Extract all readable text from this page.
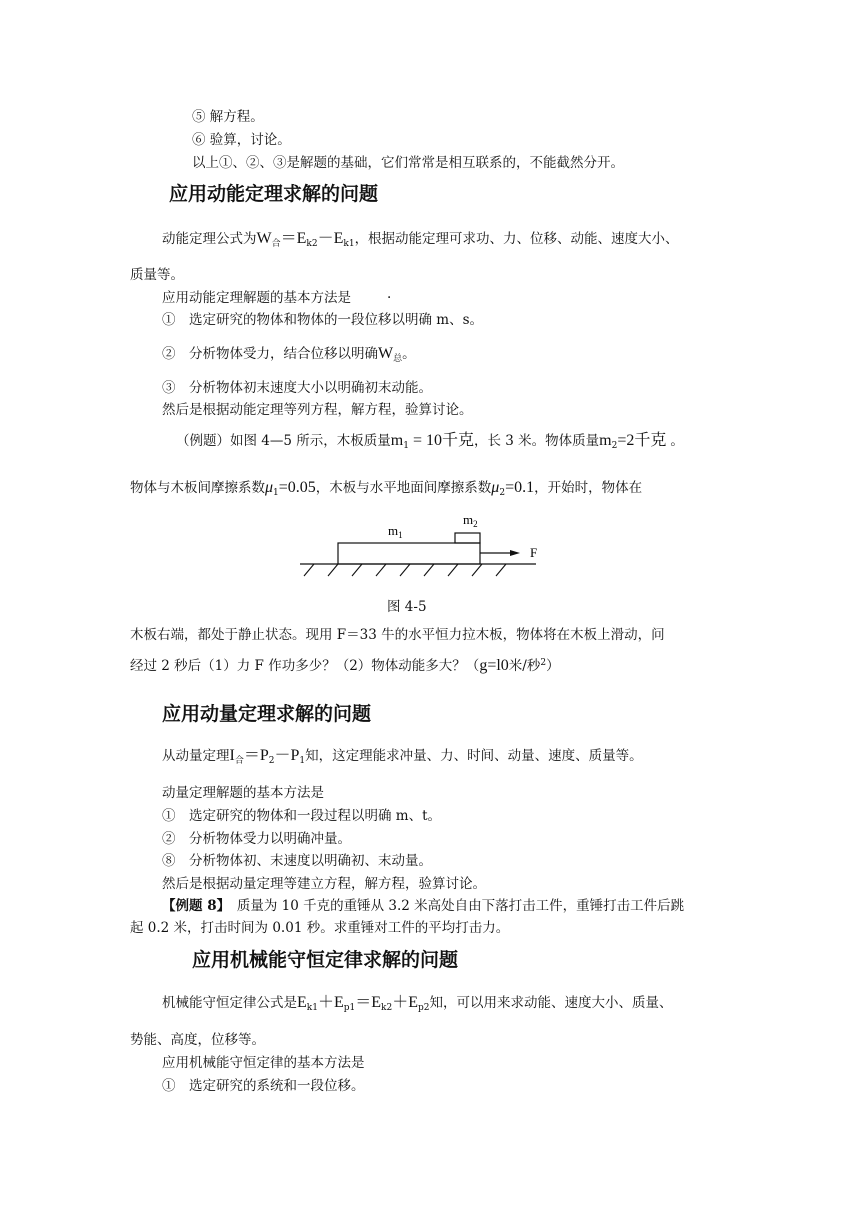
⑤ 解方程。
⑥ 验算，讨论。
以上①、②、③是解题的基础，它们常常是相互联系的，不能截然分开。
应用动能定理求解的问题
动能定理公式为$W_合=E_{k2}-E_{k1}$，根据动能定理可求功、力、位移、动能、速度大小、
质量等。
应用动能定理解题的基本方法是	·
①　选定研究的物体和物体的一段位移以明确 m、s。
②　分析物体受力，结合位移以明确$W_总$。
③　分析物体初末速度大小以明确初末动能。
然后是根据动能定理等列方程，解方程，验算讨论。
（例题）如图 4—5 所示，木板质量$m_1 = 10$千克，长 3 米。物体质量$m_2=2$千克 。
物体与木板间摩擦系数$\mu_1=0.05$，木板与水平地面间摩擦系数$\mu_2=0.1$，开始时，物体在
$m_1$
$m_2$
F
图 4-5
木板右端，都处于静止状态。现用 F＝33 牛的水平恒力拉木板，物体将在木板上滑动，问
经过 2 秒后（1）力 F 作功多少？（2）物体动能多大？（g=l0米/秒$^2$）
应用动量定理求解的问题
从动量定理$I_合=P_2-P_1$知，这定理能求冲量、力、时间、动量、速度、质量等。
动量定理解题的基本方法是
①　选定研究的物体和一段过程以明确 m、t。
②　分析物体受力以明确冲量。
⑧　分析物体初、末速度以明确初、末动量。
然后是根据动量定理等建立方程，解方程，验算讨论。
【例题 8】　质量为 10 千克的重锤从 3.2 米高处自由下落打击工件，重锤打击工件后跳
起 0.2 米，打击时间为 0.01 秒。求重锤对工件的平均打击力。
应用机械能守恒定律求解的问题
机械能守恒定律公式是$E_{k1}+E_{p1}=E_{k2}+E_{p2}$知，可以用来求动能、速度大小、质量、
势能、高度，位移等。
应用机械能守恒定律的基本方法是
①　选定研究的系统和一段位移。
